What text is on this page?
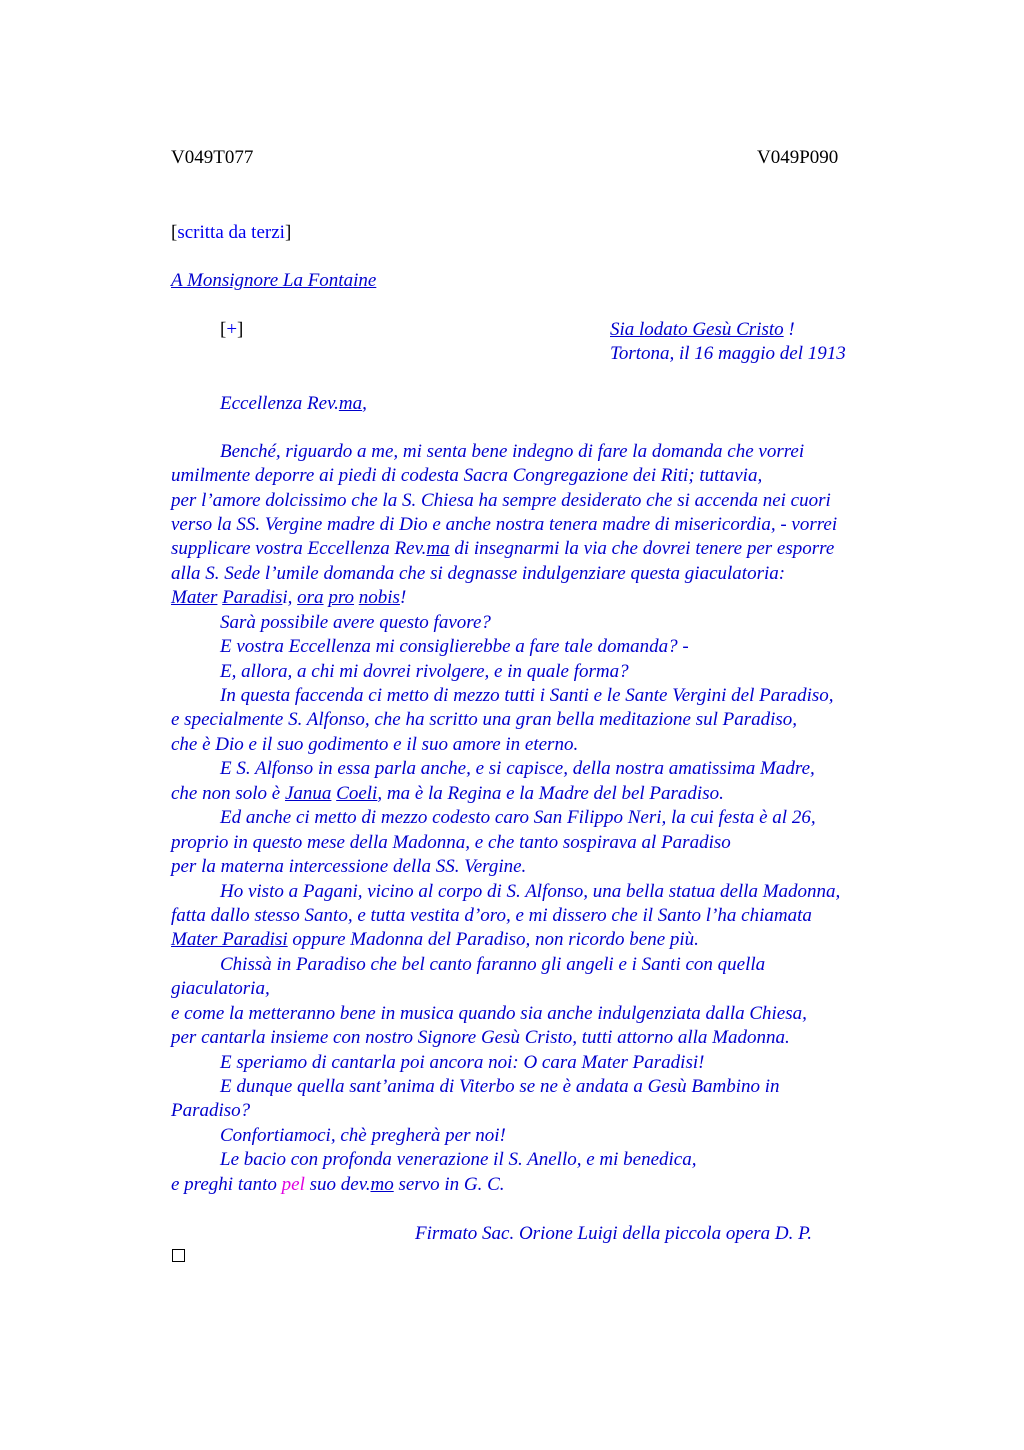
V049T077	V049P090
[scritta da terzi]
A Monsignore La Fontaine
[+]	Sia lodato Gesù Cristo !
Tortona, il 16 maggio del 1913
Eccellenza Rev.ma,
Benché, riguardo a me, mi senta bene indegno di fare la domanda che vorrei
umilmente deporre ai piedi di codesta Sacra Congregazione dei Riti; tuttavia,
per l’amore dolcissimo che la S. Chiesa ha sempre desiderato che si accenda nei cuori
verso la SS. Vergine madre di Dio e anche nostra tenera madre di misericordia, - vorrei
supplicare vostra Eccellenza Rev.ma di insegnarmi la via che dovrei tenere per esporre
alla S. Sede l’umile domanda che si degnasse indulgenziare questa giaculatoria:
Mater Paradisi, ora pro nobis!
Sarà possibile avere questo favore?
E vostra Eccellenza mi consiglierebbe a fare tale domanda? -
E, allora, a chi mi dovrei rivolgere, e in quale forma?
In questa faccenda ci metto di mezzo tutti i Santi e le Sante Vergini del Paradiso,
e specialmente S. Alfonso, che ha scritto una gran bella meditazione sul Paradiso,
che è Dio e il suo godimento e il suo amore in eterno.
E S. Alfonso in essa parla anche, e si capisce, della nostra amatissima Madre,
che non solo è Janua Coeli, ma è la Regina e la Madre del bel Paradiso.
Ed anche ci metto di mezzo codesto caro San Filippo Neri, la cui festa è al 26,
proprio in questo mese della Madonna, e che tanto sospirava al Paradiso
per la materna intercessione della SS. Vergine.
Ho visto a Pagani, vicino al corpo di S. Alfonso, una bella statua della Madonna,
fatta dallo stesso Santo, e tutta vestita d’oro, e mi dissero che il Santo l’ha chiamata
Mater Paradisi oppure Madonna del Paradiso, non ricordo bene più.
Chissà in Paradiso che bel canto faranno gli angeli e i Santi con quella
giaculatoria,
e come la metteranno bene in musica quando sia anche indulgenziata dalla Chiesa,
per cantarla insieme con nostro Signore Gesù Cristo, tutti attorno alla Madonna.
E speriamo di cantarla poi ancora noi: O cara Mater Paradisi!
E dunque quella sant’anima di Viterbo se ne è andata a Gesù Bambino in
Paradiso?
Confortiamoci, chè pregherà per noi!
Le bacio con profonda venerazione il S. Anello, e mi benedica,
e preghi tanto pel suo dev.mo servo in G. C.
Firmato Sac. Orione Luigi della piccola opera D. P.
